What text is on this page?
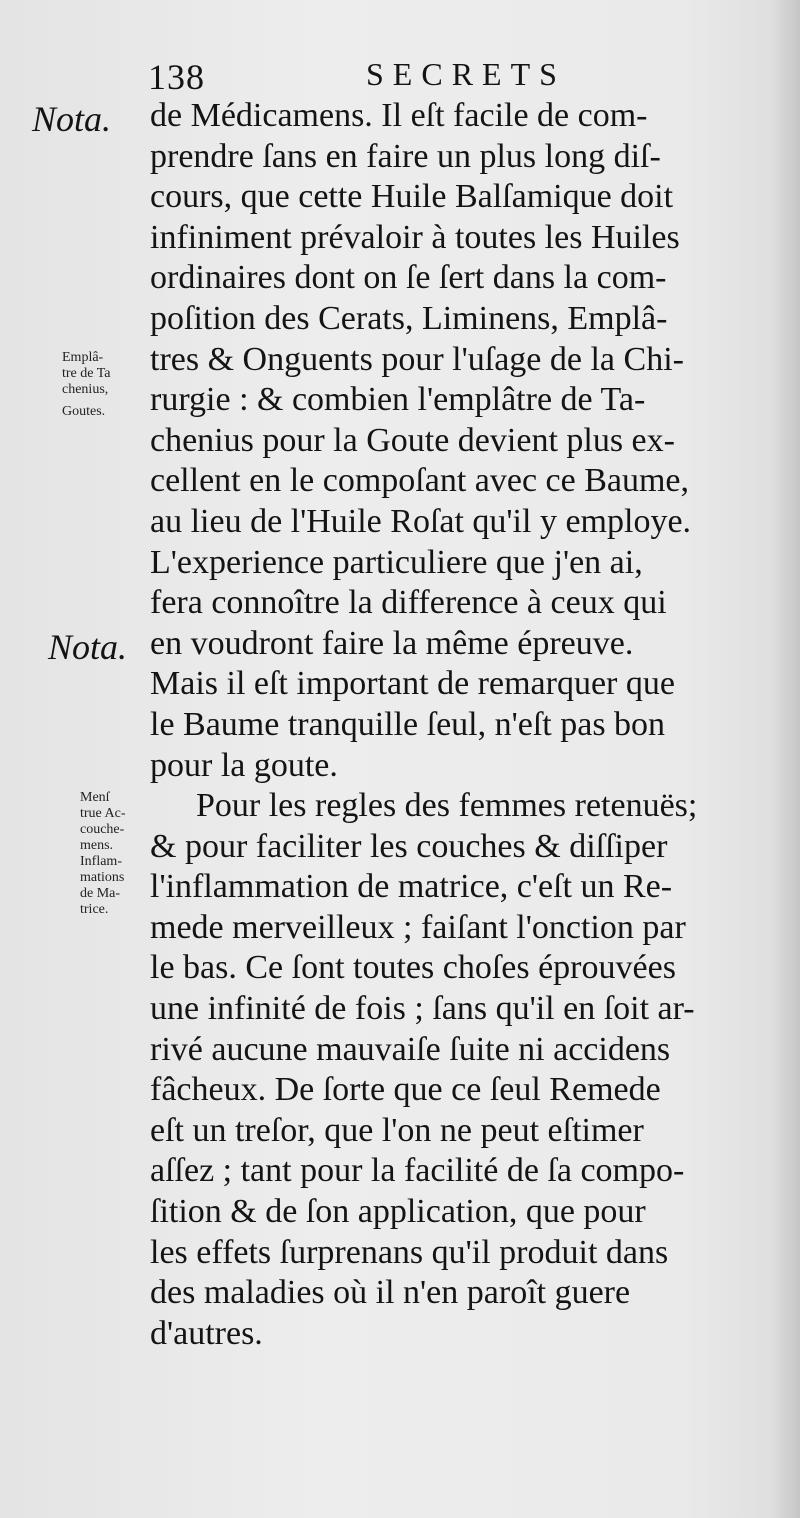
138	SECRETS
Nota.
Nota.
Emplâ-
tre de Ta
chenius,
Goutes.
Menſ
true Ac-
couche-
mens.
Inflam-
mations
de Ma-
trice.
de Médicamens. Il eſt facile de com-
prendre ſans en faire un plus long diſ-
cours, que cette Huile Balſamique doit
infiniment prévaloir à toutes les Huiles
ordinaires dont on ſe ſert dans la com-
poſition des Cerats, Liminens, Emplâ-
tres & Onguents pour l'uſage de la Chi-
rurgie : & combien l'emplâtre de Ta-
chenius pour la Goute devient plus ex-
cellent en le compoſant avec ce Baume,
au lieu de l'Huile Roſat qu'il y employe.
L'experience particuliere que j'en ai,
fera connoître la difference à ceux qui
en voudront faire la même épreuve.
Mais il eſt important de remarquer que
le Baume tranquille ſeul, n'eſt pas bon
pour la goute.
Pour les regles des femmes retenuës;
& pour faciliter les couches & diſſiper
l'inflammation de matrice, c'eſt un Re-
mede merveilleux ; faiſant l'onction par
le bas. Ce ſont toutes choſes éprouvées
une infinité de fois ; ſans qu'il en ſoit ar-
rivé aucune mauvaiſe ſuite ni accidens
fâcheux. De ſorte que ce ſeul Remede
eſt un treſor, que l'on ne peut eſtimer
aſſez ; tant pour la facilité de ſa compo-
ſition & de ſon application, que pour
les effets ſurprenans qu'il produit dans
des maladies où il n'en paroît guere
d'autres.
